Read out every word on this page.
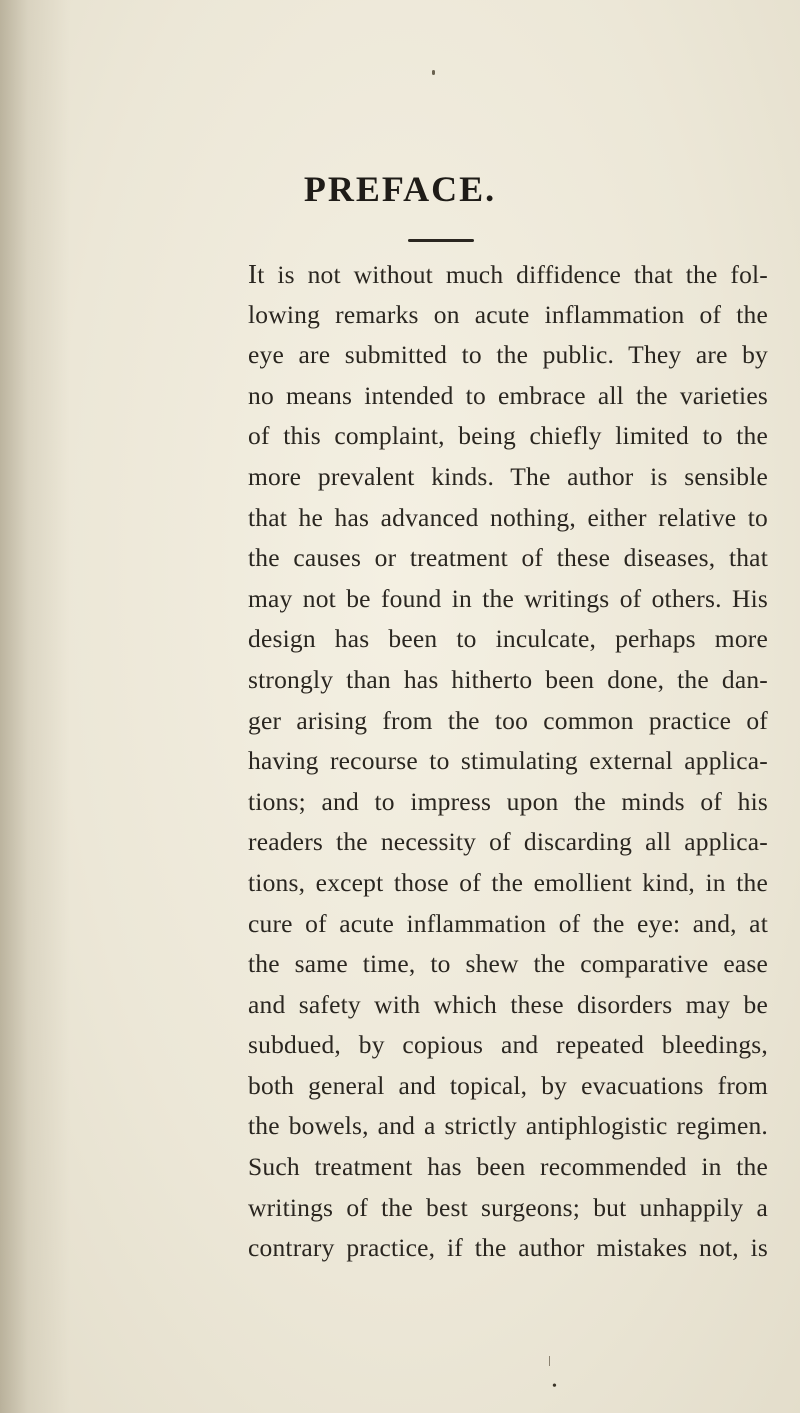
PREFACE.
It is not without much diffidence that the fol-
lowing remarks on acute inflammation of the
eye are submitted to the public. They are by
no means intended to embrace all the varieties
of this complaint, being chiefly limited to the
more prevalent kinds. The author is sensible
that he has advanced nothing, either relative to
the causes or treatment of these diseases, that
may not be found in the writings of others. His
design has been to inculcate, perhaps more
strongly than has hitherto been done, the dan-
ger arising from the too common practice of
having recourse to stimulating external applica-
tions; and to impress upon the minds of his
readers the necessity of discarding all applica-
tions, except those of the emollient kind, in the
cure of acute inflammation of the eye: and, at
the same time, to shew the comparative ease
and safety with which these disorders may be
subdued, by copious and repeated bleedings,
both general and topical, by evacuations from
the bowels, and a strictly antiphlogistic regimen.
Such treatment has been recommended in the
writings of the best surgeons; but unhappily a
contrary practice, if the author mistakes not, is
•
